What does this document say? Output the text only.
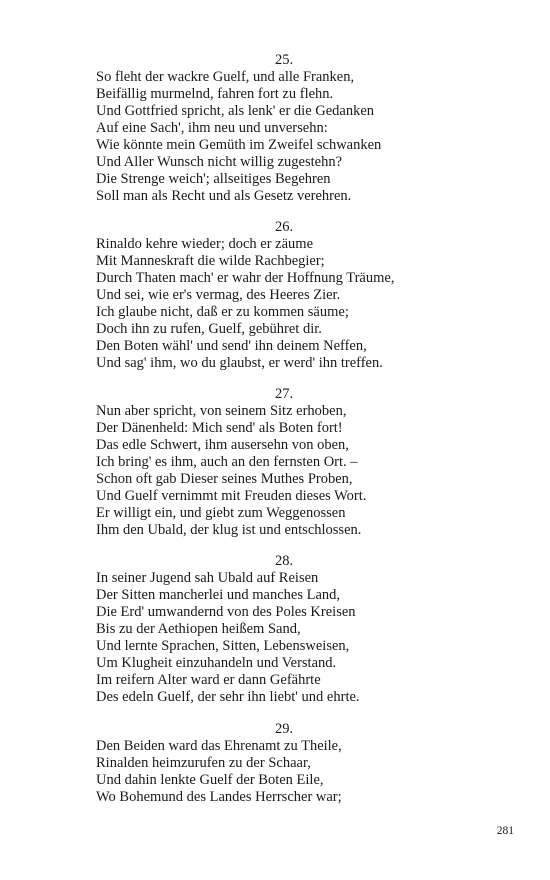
25.
So fleht der wackre Guelf, und alle Franken,
Beifällig murmelnd, fahren fort zu flehn.
Und Gottfried spricht, als lenk' er die Gedanken
Auf eine Sach', ihm neu und unversehn:
Wie könnte mein Gemüth im Zweifel schwanken
Und Aller Wunsch nicht willig zugestehn?
Die Strenge weich'; allseitiges Begehren
Soll man als Recht und als Gesetz verehren.
26.
Rinaldo kehre wieder; doch er zäume
Mit Manneskraft die wilde Rachbegier;
Durch Thaten mach' er wahr der Hoffnung Träume,
Und sei, wie er's vermag, des Heeres Zier.
Ich glaube nicht, daß er zu kommen säume;
Doch ihn zu rufen, Guelf, gebühret dir.
Den Boten wähl' und send' ihn deinem Neffen,
Und sag' ihm, wo du glaubst, er werd' ihn treffen.
27.
Nun aber spricht, von seinem Sitz erhoben,
Der Dänenheld: Mich send' als Boten fort!
Das edle Schwert, ihm ausersehn von oben,
Ich bring' es ihm, auch an den fernsten Ort. –
Schon oft gab Dieser seines Muthes Proben,
Und Guelf vernimmt mit Freuden dieses Wort.
Er willigt ein, und giebt zum Weggenossen
Ihm den Ubald, der klug ist und entschlossen.
28.
In seiner Jugend sah Ubald auf Reisen
Der Sitten mancherlei und manches Land,
Die Erd' umwandernd von des Poles Kreisen
Bis zu der Aethiopen heißem Sand,
Und lernte Sprachen, Sitten, Lebensweisen,
Um Klugheit einzuhandeln und Verstand.
Im reifern Alter ward er dann Gefährte
Des edeln Guelf, der sehr ihn liebt' und ehrte.
29.
Den Beiden ward das Ehrenamt zu Theile,
Rinalden heimzurufen zu der Schaar,
Und dahin lenkte Guelf der Boten Eile,
Wo Bohemund des Landes Herrscher war;
281
